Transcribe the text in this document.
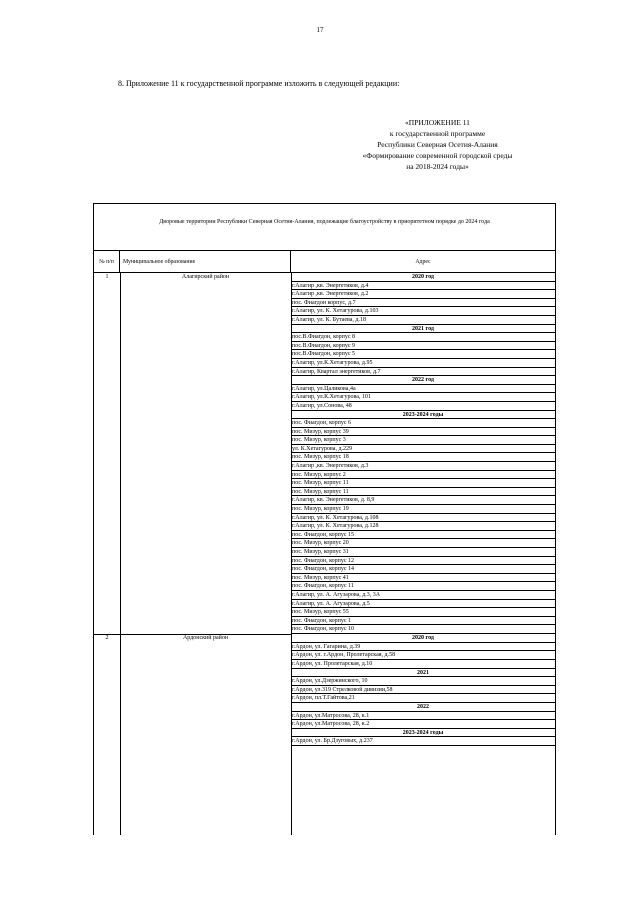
17
8. Приложение 11 к государственной программе изложить в следующей редакции:
«ПРИЛОЖЕНИЕ 11
к государственной программе
Республики Северная Осетия-Алания
«Формирование современной городской среды
на 2018-2024 годы»
Дворовые территории Республики Северная Осетия-Алания, подлежащие благоустройству в приоритетном порядке до 2024 года
№ п/п	Муниципальное образование	Адрес
1	Алагирский район	2020 год
г.Алагир ,кв. Энергетиков, д.4
г.Алагир ,кв. Энергетиков, д.2
пос. Фиагдон корпус, д.7
г.Алагир, ул. К. Хетагурова, д.103
г.Алагир, ул. К. Бутаева, д.18
2021 год
пос.В.Фиагдон, корпус 8
пос.В.Фиагдон, корпус 9
пос.В.Фиагдон, корпус 5
г.Алагир, ул.К.Хетагурова, д.95
г.Алагир, Квартал энергетиков, д.7
2022 год
г.Алагир, ул.Цаликова,4а
г.Алагир, ул.К.Хетагурова, 101
г.Алагир, ул.Сонова, 48
2023-2024 годы
пос. Фиагдон, корпус 6
пос. Мизур, корпус 39
пос. Мизур, корпус 3
ул. К.Хетагурова, д.229
пос. Мизур, корпус 18
г.Алагир ,кв. Энергетиков, д.3
пос. Мизур, корпус 2
пос. Мизур, корпус 11
пос. Мизур, корпус 11
г.Алагир, кв. Энергетиков, д. 8,9
пос. Мизур, корпус 19
г.Алагир, ул. К. Хетагурова, д.108
г.Алагир, ул. К. Хетагурова, д.128
пос. Фиагдон, корпус 15
пос. Мизур, корпус 20
пос. Мизур, корпус 31
пос. Фиагдон, корпус 12
пос. Фиагдон, корпус 14
пос. Мизур, корпус 41
пос. Фиагдон, корпус 11
г.Алагир, ул. А. Агузарова, д.3, 3А
г.Алагир, ул. А. Агузарова, д.5
пос. Мизур, корпус 55
пос. Фиагдон, корпус 1
пос. Фиагдон, корпус 10
2	Ардонский район	2020 год
г.Ардон, ул. Гагарина, д.39
г.Ардон, ул. г.Ардон, Пролетарская, д.58
г.Ардон, ул. Пролетарская, д.10
2021
г.Ардон, ул.Дзержинского, 10
г.Ардон, ул.319 Стрелковой дивизии,58
г.Ардон, пл.Т.Гайтова,21
2022
г.Ардон, ул.Матросова, 28, к.1
г.Ардон, ул.Матросова, 28, к.2
2023-2024 годы
г.Ардон, ул. Бр.Дзуговых, д.237
